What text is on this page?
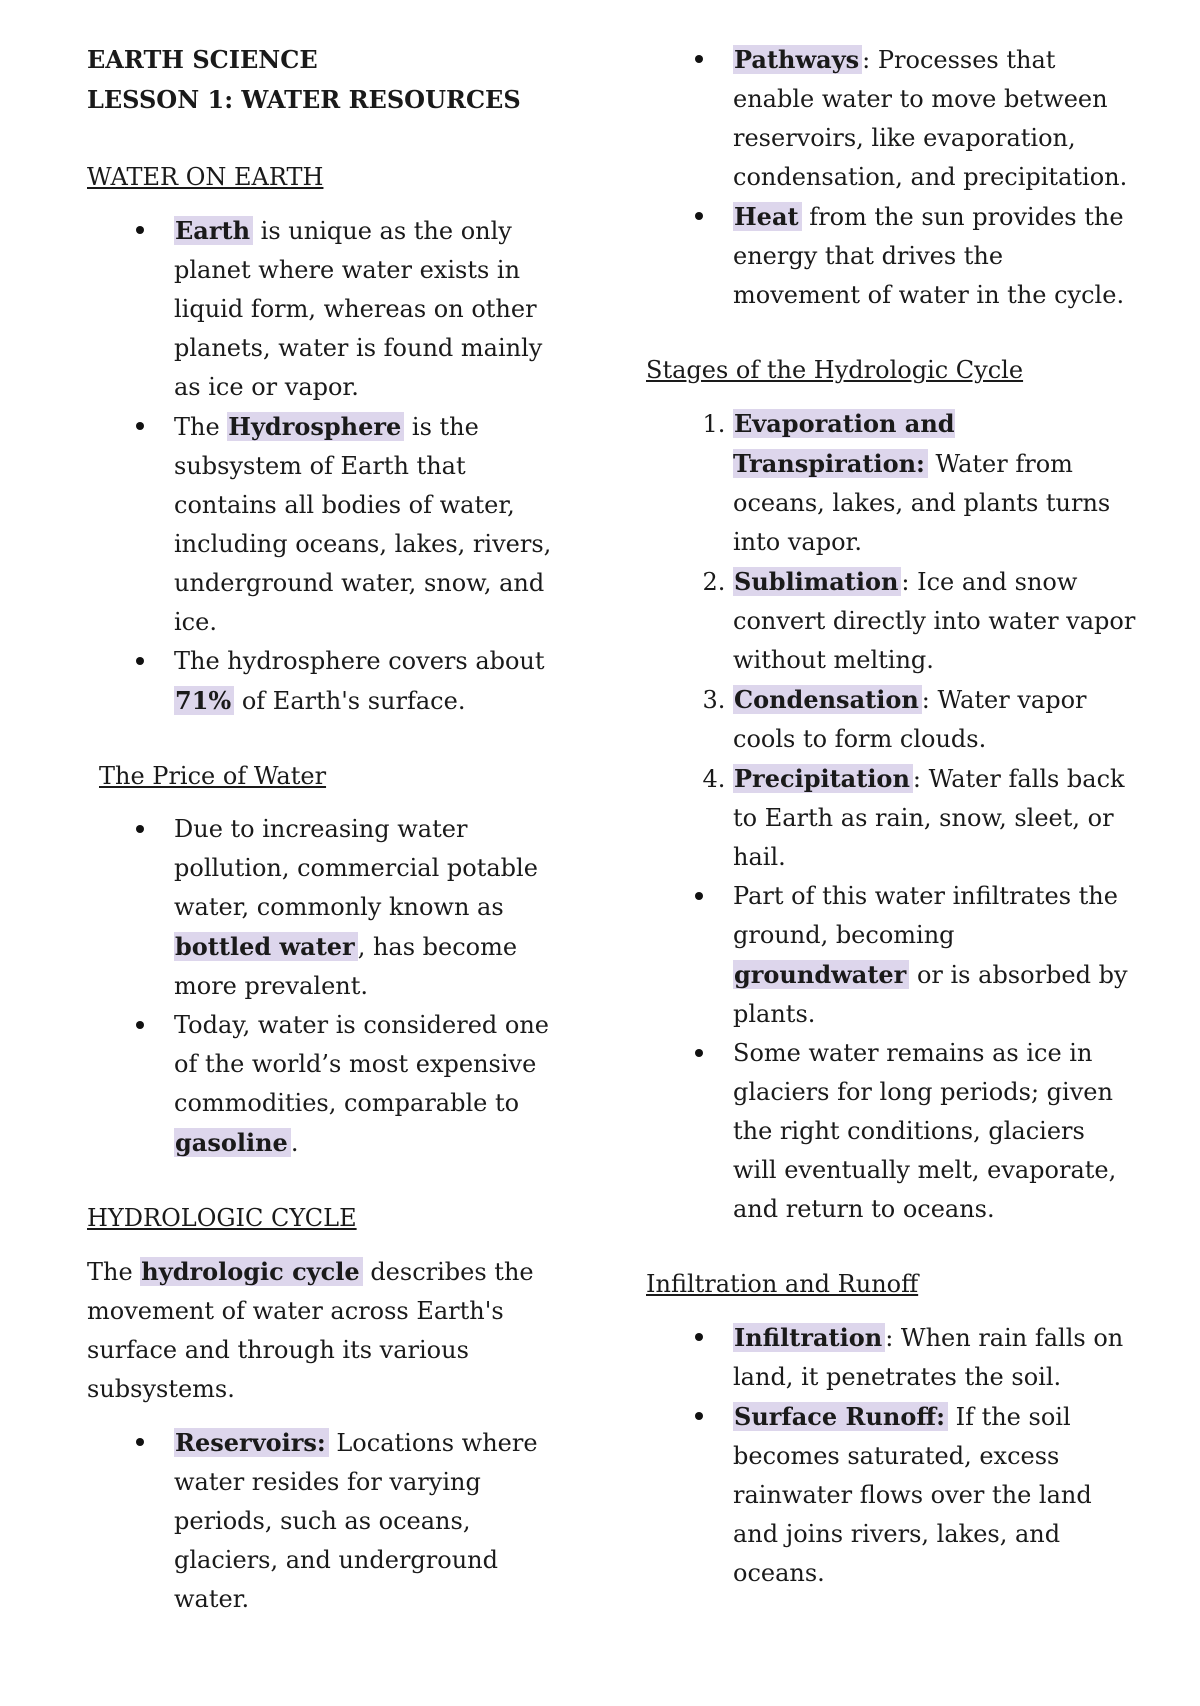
EARTH SCIENCE

LESSON 1: WATER RESOURCES

WATER ON EARTH
Earth is unique as the only planet where water exists in liquid form, whereas on other planets, water is found mainly as ice or vapor.
The Hydrosphere is the subsystem of Earth that contains all bodies of water, including oceans, lakes, rivers, underground water, snow, and ice.
The hydrosphere covers about 71% of Earth's surface.
The Price of Water
Due to increasing water pollution, commercial potable water, commonly known as bottled water , has become more prevalent.
Today, water is considered one of the world’s most expensive commodities, comparable to gasoline .
HYDROLOGIC CYCLE

The hydrologic cycle describes the movement of water across Earth's surface and through its various subsystems.

Reservoirs: Locations where water resides for varying periods, such as oceans, glaciers, and underground water.
Pathways : Processes that enable water to move between reservoirs, like evaporation, condensation, and precipitation.
Heat from the sun provides the energy that drives the movement of water in the cycle.
Stages of the Hydrologic Cycle
1. Evaporation and Transpiration: Water from oceans, lakes, and plants turns into vapor.
2. Sublimation : Ice and snow convert directly into water vapor without melting.
3. Condensation : Water vapor cools to form clouds.
4. Precipitation : Water falls back to Earth as rain, snow, sleet, or hail.
Part of this water infiltrates the ground, becoming groundwater or is absorbed by plants.
Some water remains as ice in glaciers for long periods; given the right conditions, glaciers will eventually melt, evaporate, and return to oceans.
Infiltration and Runoff
Infiltration : When rain falls on land, it penetrates the soil.
Surface Runoff: If the soil becomes saturated, excess rainwater flows over the land and joins rivers, lakes, and oceans.
